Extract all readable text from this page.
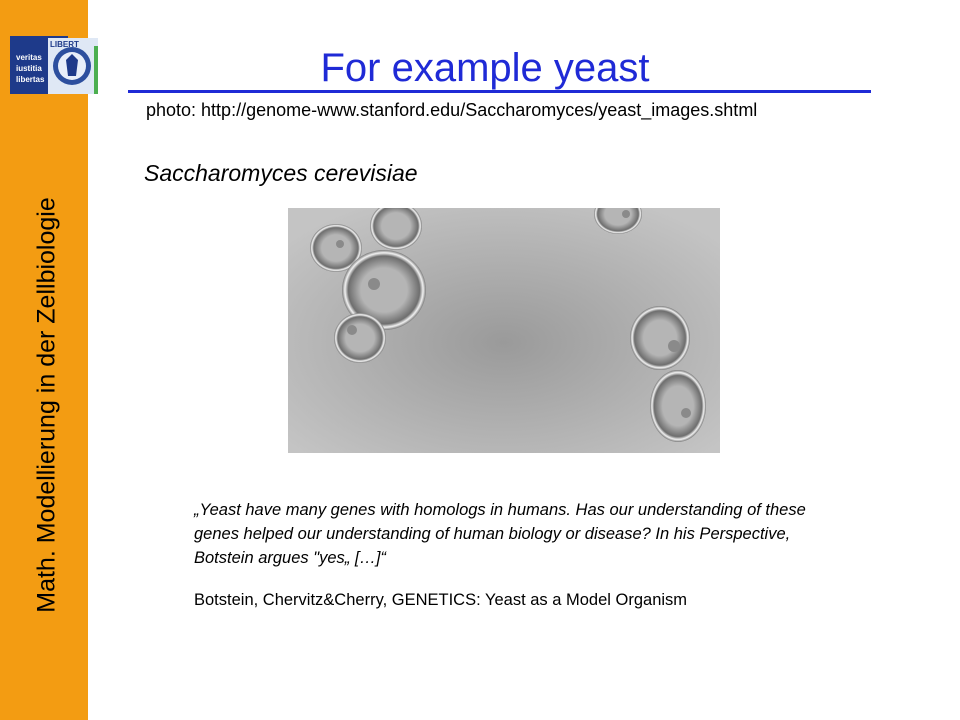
veritas
iustitia
libertas
LIBERT
Math. Modellierung in der Zellbiologie
For example yeast
photo: http://genome-www.stanford.edu/Saccharomyces/yeast_images.shtml
Saccharomyces cerevisiae
„Yeast have many genes with homologs in humans. Has our understanding of these genes helped our understanding of human biology or disease? In his Perspective, Botstein argues "yes„ […]“
Botstein, Chervitz&Cherry, GENETICS: Yeast as a Model Organism
